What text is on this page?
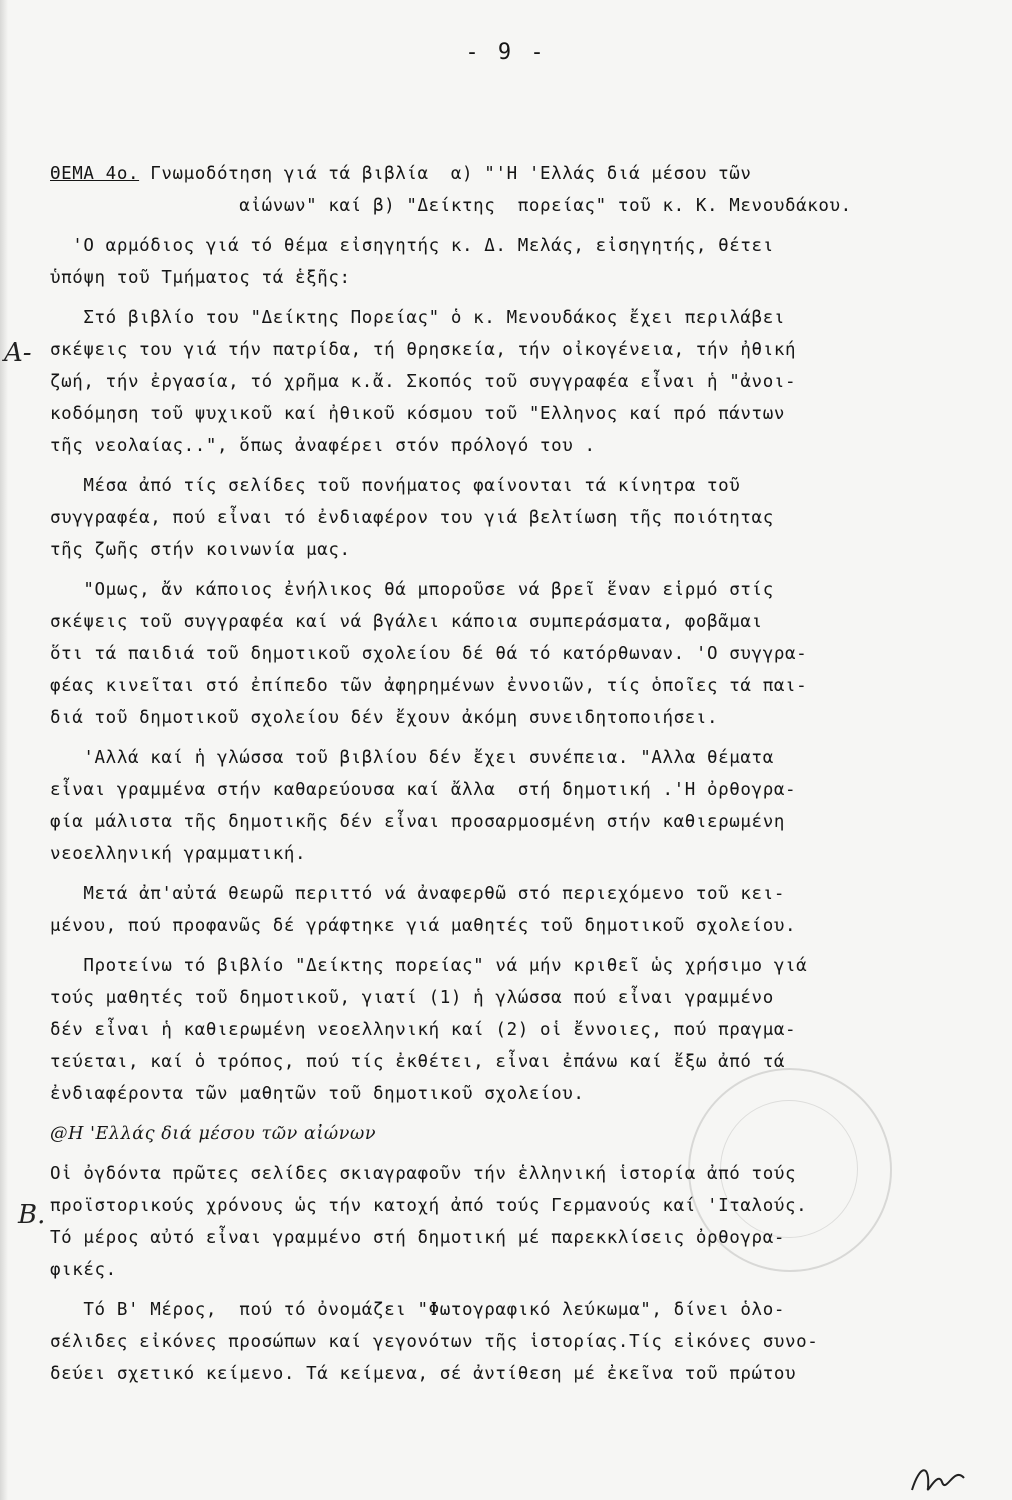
- 9 -
ΘΕΜΑ 4ο. Γνωμοδότηση γιά τά βιβλία  α) "'Η 'Ελλάς διά μέσου τῶν
αἰώνων" καί β) "Δείκτης  πορείας" τοῦ κ. Κ. Μενουδάκου.
'Ο αρμόδιος γιά τό θέμα εἰσηγητής κ. Δ. Μελάς, εἰσηγητής, θέτει
ὑπόψη τοῦ Τμήματος τά ἑξῆς:
Στό βιβλίο του "Δείκτης Πορείας" ὁ κ. Μενουδάκος ἔχει περιλάβει
σκέψεις του γιά τήν πατρίδα, τή θρησκεία, τήν οἰκογένεια, τήν ἠθική
ζωή, τήν ἐργασία, τό χρῆμα κ.ἄ. Σκοπός τοῦ συγγραφέα εἶναι ἡ "ἀνοι-
κοδόμηση τοῦ ψυχικοῦ καί ἠθικοῦ κόσμου τοῦ "Ελληνος καί πρό πάντων
τῆς νεολαίας..", ὅπως ἀναφέρει στόν πρόλογό του .
Μέσα ἀπό τίς σελίδες τοῦ πονήματος φαίνονται τά κίνητρα τοῦ
συγγραφέα, πού εἶναι τό ἐνδιαφέρον του γιά βελτίωση τῆς ποιότητας
τῆς ζωῆς στήν κοινωνία μας.
"Ομως, ἄν κάποιος ἐνήλικος θά μποροῦσε νά βρεῖ ἕναν εἱρμό στίς
σκέψεις τοῦ συγγραφέα καί νά βγάλει κάποια συμπεράσματα, φοβᾶμαι
ὅτι τά παιδιά τοῦ δημοτικοῦ σχολείου δέ θά τό κατόρθωναν. 'Ο συγγρα-
φέας κινεῖται στό ἐπίπεδο τῶν ἀφηρημένων ἐννοιῶν, τίς ὁποῖες τά παι-
διά τοῦ δημοτικοῦ σχολείου δέν ἔχουν ἀκόμη συνειδητοποιήσει.
'Αλλά καί ἡ γλώσσα τοῦ βιβλίου δέν ἔχει συνέπεια. "Αλλα θέματα
εἶναι γραμμένα στήν καθαρεύουσα καί ἄλλα  στή δημοτική .'Η ὀρθογρα-
φία μάλιστα τῆς δημοτικῆς δέν εἶναι προσαρμοσμένη στήν καθιερωμένη
νεοελληνική γραμματική.
Μετά ἀπ'αὐτά θεωρῶ περιττό νά ἀναφερθῶ στό περιεχόμενο τοῦ κει-
μένου, πού προφανῶς δέ γράφτηκε γιά μαθητές τοῦ δημοτικοῦ σχολείου.
Προτείνω τό βιβλίο "Δείκτης πορείας" νά μήν κριθεῖ ὡς χρήσιμο γιά
τούς μαθητές τοῦ δημοτικοῦ, γιατί (1) ἡ γλώσσα πού εἶναι γραμμένο
δέν εἶναι ἡ καθιερωμένη νεοελληνική καί (2) οἱ ἔννοιες, πού πραγμα-
τεύεται, καί ὁ τρόπος, πού τίς ἐκθέτει, εἶναι ἐπάνω καί ἔξω ἀπό τά
ἐνδιαφέροντα τῶν μαθητῶν τοῦ δημοτικοῦ σχολείου.
@H 'Ελλάς διά μέσου τῶν αἰώνων
Οἱ ὀγδόντα πρῶτες σελίδες σκιαγραφοῦν τήν ἑλληνική ἱστορία ἀπό τούς
προϊστορικούς χρόνους ὡς τήν κατοχή ἀπό τούς Γερμανούς καί 'Ιταλούς.
Τό μέρος αὐτό εἶναι γραμμένο στή δημοτική μέ παρεκκλίσεις ὀρθογρα-
φικές.
Τό Β' Μέρος,  πού τό ὀνομάζει "Φωτογραφικό λεύκωμα", δίνει ὁλο-
σέλιδες εἰκόνες προσώπων καί γεγονότων τῆς ἱστορίας.Τίς εἰκόνες συνο-
δεύει σχετικό κείμενο. Τά κείμενα, σέ ἀντίθεση μέ ἐκεῖνα τοῦ πρώτου
A-
B.
